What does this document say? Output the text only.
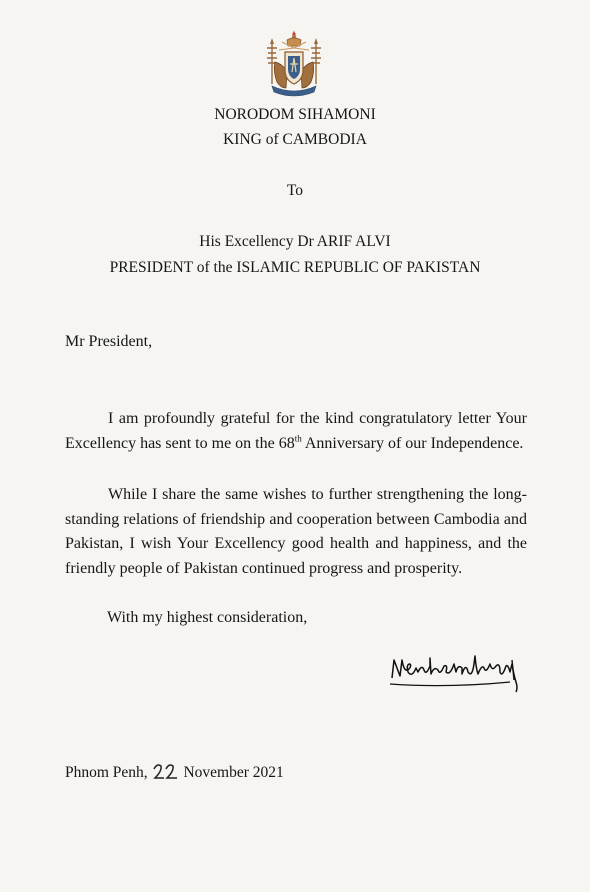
NORODOM SIHAMONI
KING of CAMBODIA
To
His Excellency Dr ARIF ALVI
PRESIDENT of the ISLAMIC REPUBLIC OF PAKISTAN
Mr President,
I am profoundly grateful for the kind congratulatory letter Your Excellency has sent to me on the 68th Anniversary of our Independence.
While I share the same wishes to further strengthening the long-standing relations of friendship and cooperation between Cambodia and Pakistan, I wish Your Excellency good health and happiness, and the friendly people of Pakistan continued progress and prosperity.
With my highest consideration,
Phnom Penh, November 2021
